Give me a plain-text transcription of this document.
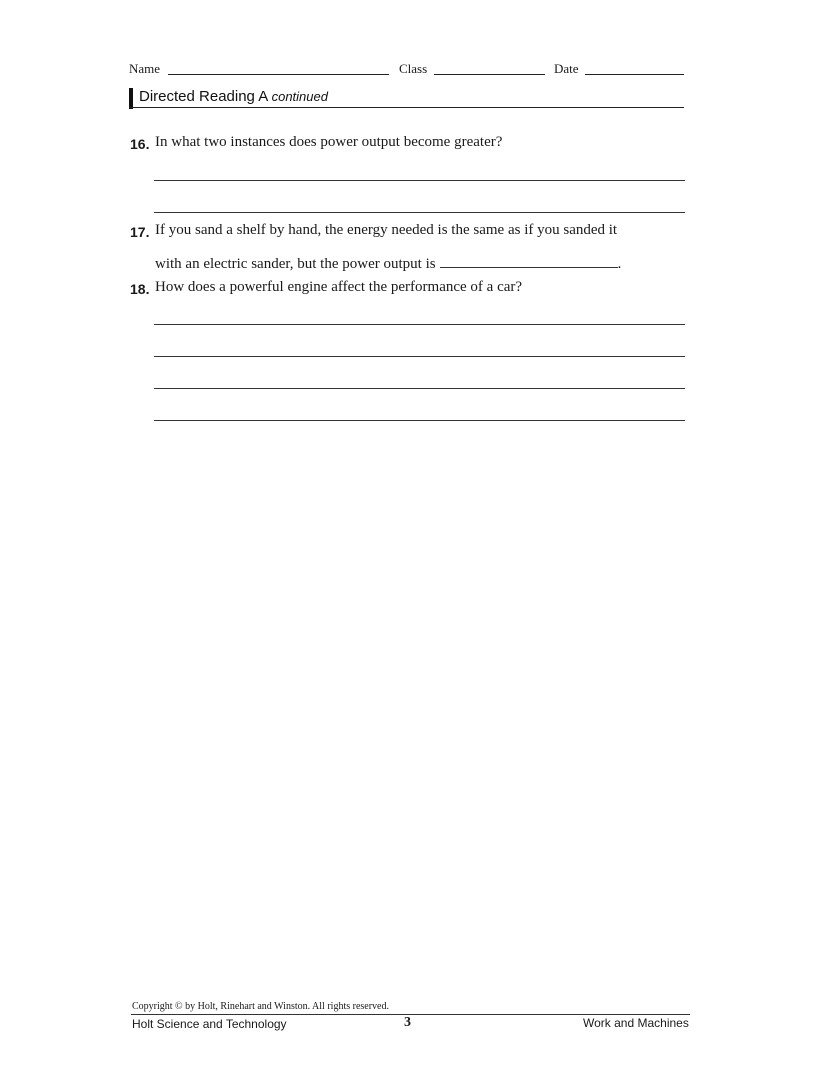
Name	Class	Date
Directed Reading A continued
16. In what two instances does power output become greater?
17. If you sand a shelf by hand, the energy needed is the same as if you sanded it
with an electric sander, but the power output is	.
18. How does a powerful engine affect the performance of a car?
Copyright © by Holt, Rinehart and Winston. All rights reserved.
Holt Science and Technology	3	Work and Machines
